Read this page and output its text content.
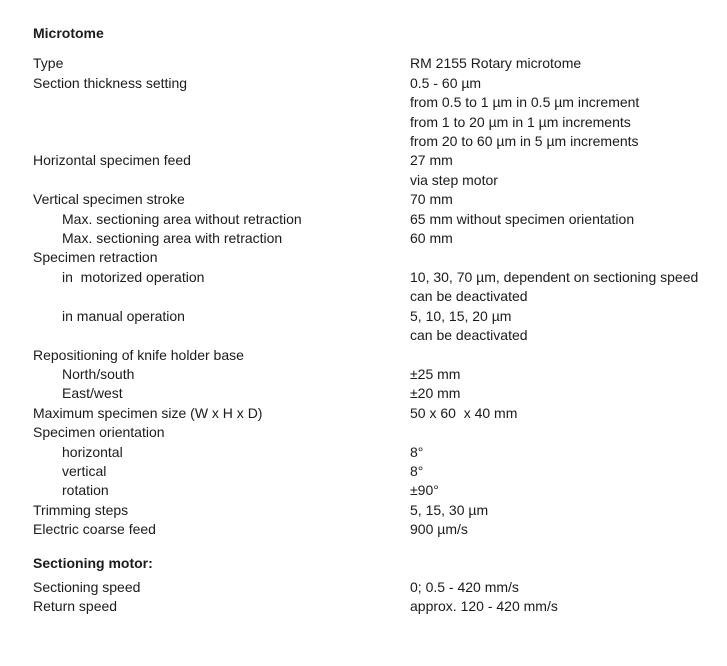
Microtome
Type	RM 2155 Rotary microtome
Section thickness setting	0.5 - 60 µm
from 0.5 to 1 µm in 0.5 µm increment
from 1 to 20 µm in 1 µm increments
from 20 to 60 µm in 5 µm increments
Horizontal specimen feed	27 mm
via step motor
Vertical specimen stroke	70 mm
Max. sectioning area without retraction	65 mm without specimen orientation
Max. sectioning area with retraction	60 mm
Specimen retraction
in  motorized operation	10, 30, 70 µm, dependent on sectioning speed
can be deactivated
in manual operation	5, 10, 15, 20 µm
can be deactivated
Repositioning of knife holder base
North/south	±25 mm
East/west	±20 mm
Maximum specimen size (W x H x D)	50 x 60  x 40 mm
Specimen orientation
horizontal	8°
vertical	8°
rotation	±90°
Trimming steps	5, 15, 30 µm
Electric coarse feed	900 µm/s
Sectioning motor:
Sectioning speed	0; 0.5 - 420 mm/s
Return speed	approx. 120 - 420 mm/s
